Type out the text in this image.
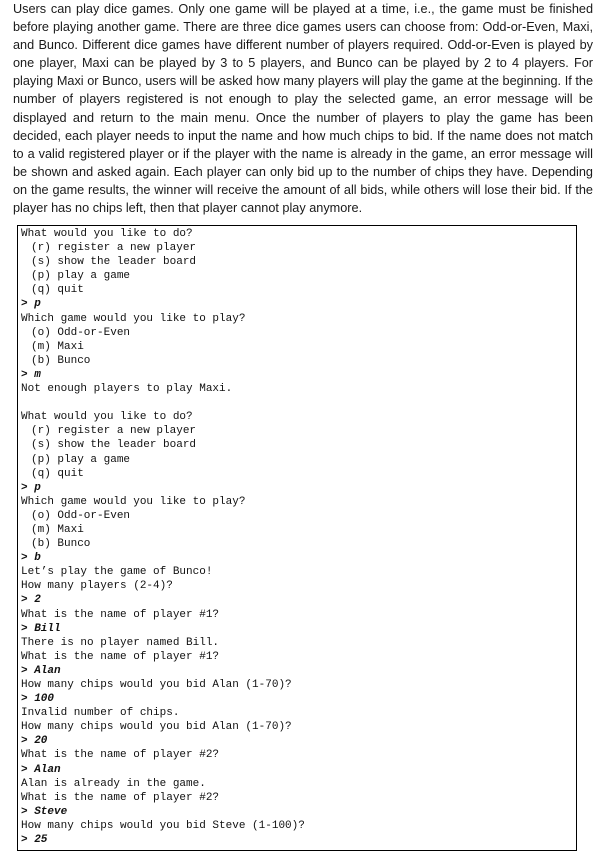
Users can play dice games. Only one game will be played at a time, i.e., the game must be finished before playing another game. There are three dice games users can choose from: Odd-or-Even, Maxi, and Bunco. Different dice games have different number of players required. Odd-or-Even is played by one player, Maxi can be played by 3 to 5 players, and Bunco can be played by 2 to 4 players. For playing Maxi or Bunco, users will be asked how many players will play the game at the beginning. If the number of players registered is not enough to play the selected game, an error message will be displayed and return to the main menu. Once the number of players to play the game has been decided, each player needs to input the name and how much chips to bid. If the name does not match to a valid registered player or if the player with the name is already in the game, an error message will be shown and asked again. Each player can only bid up to the number of chips they have. Depending on the game results, the winner will receive the amount of all bids, while others will lose their bid. If the player has no chips left, then that player cannot play anymore.
What would you like to do?
(r) register a new player
(s) show the leader board
(p) play a game
(q) quit
> p
Which game would you like to play?
(o) Odd-or-Even
(m) Maxi
(b) Bunco
> m
Not enough players to play Maxi.
What would you like to do?
(r) register a new player
(s) show the leader board
(p) play a game
(q) quit
> p
Which game would you like to play?
(o) Odd-or-Even
(m) Maxi
(b) Bunco
> b
Let’s play the game of Bunco!
How many players (2-4)?
> 2
What is the name of player #1?
> Bill
There is no player named Bill.
What is the name of player #1?
> Alan
How many chips would you bid Alan (1-70)?
> 100
Invalid number of chips.
How many chips would you bid Alan (1-70)?
> 20
What is the name of player #2?
> Alan
Alan is already in the game.
What is the name of player #2?
> Steve
How many chips would you bid Steve (1-100)?
> 25
